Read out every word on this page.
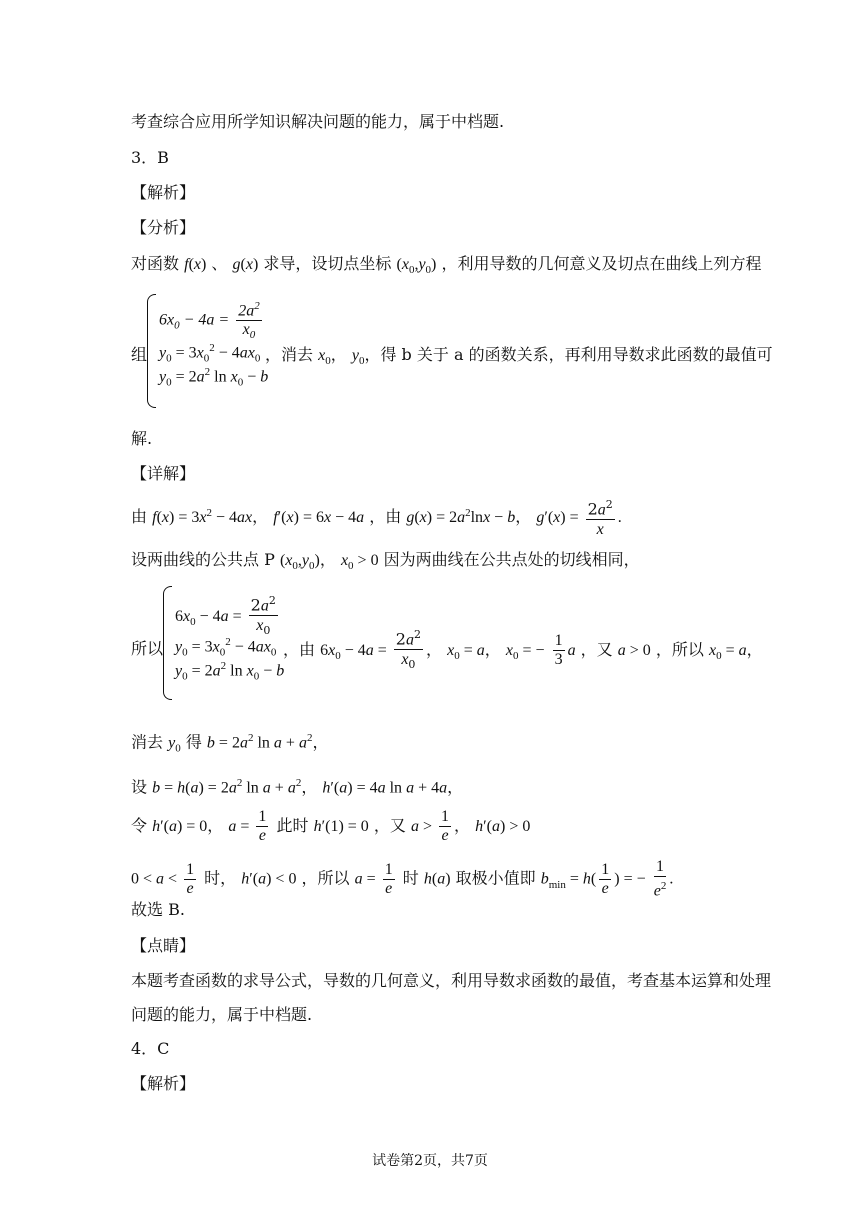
考查综合应用所学知识解决问题的能力，属于中档题.
3．B
【解析】
【分析】
对函数 f(x) 、 g(x) 求导，设切点坐标 $(x_0,y_0)$ ，利用导数的几何意义及切点在曲线上列方程
组
$6x_0 - 4a = \frac{2a^2}{x_0}$
$y_0 = 3x_0^2 - 4ax_0$
$y_0 = 2a^2$ $\ln x_0 - b$
，消去 $x_0$， $y_0$，得 b 关于 a 的函数关系，再利用导数求此函数的最值可
解.
【详解】
由 $f(x) = 3x^2 - 4ax$， f′(x) = 6x − 4a ，由 $g(x) = 2a^2\ln x - b$， $g'(x) = \frac{2a^2}{x}$ .
设两曲线的公共点 P $(x_0,y_0)$， $x_0 > 0$ 因为两曲线在公共点处的切线相同，
所以
$6x_0 - 4a = \frac{2a^2}{x_0}$
$y_0 = 3x_0^2 - 4ax_0$
$y_0 = 2a^2$ $\ln x_0 - b$
，由 $6x_0 - 4a = \frac{2a^2}{x_0}$ ， $x_0 = a$， $x_0$ = − $\frac{1}{3}$ a ，又 a > 0 ，所以 $x_0 = a$，
消去 $y_0$ 得 $b = 2a^2$ $\ln a + a^2$，
设 $b = h(a) = 2a^2$ $\ln a + a^2$， h′(a) = 4a ln a + 4a，
令 h′(a) = 0， $a = \frac{1}{e}$ 此时 h′(1) = 0 ，又 $a > \frac{1}{e}$ ， h′(a) > 0
$0 < a < \frac{1}{e}$ 时， h′(a) < 0 ，所以 $a = \frac{1}{e}$ 时 h(a) 取极小值即 $b_{min} = h( \frac{1}{e}$ ) = − $\frac{1}{e^2}$ .
故选 B.
【点睛】
本题考查函数的求导公式，导数的几何意义，利用导数求函数的最值，考查基本运算和处理
问题的能力，属于中档题.
4．C
【解析】
试卷第2页，共7页
